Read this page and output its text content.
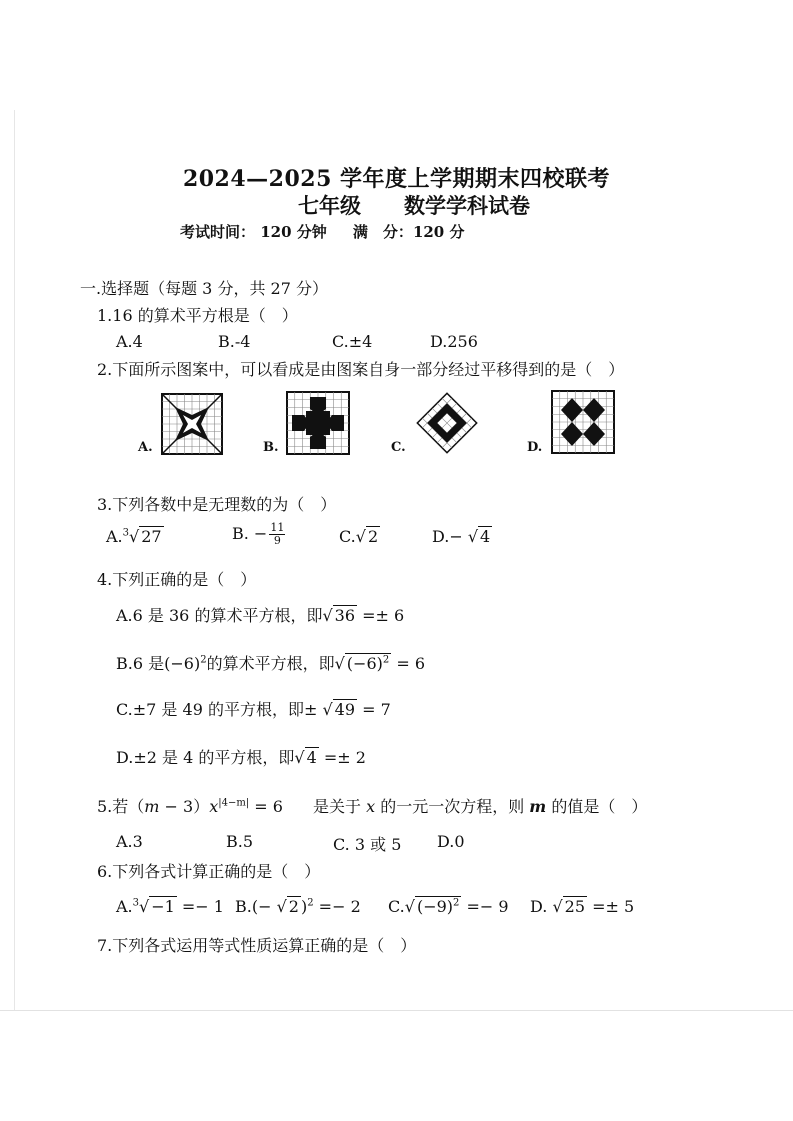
2024—2025 学年度上学期期末四校联考
七年级 数学学科试卷
考试时间： 120 分钟 满　分：120 分
一.选择题（每题 3 分，共 27 分）
1.16 的算术平方根是（　）
A.4	B.-4	C.±4	D.256
2.下面所示图案中，可以看成是由图案自身一部分经过平移得到的是（　）
A.	B.	C.	D.
3.下列各数中是无理数的为（　）
A.$^3$√ 27	B. − $\frac{11}{9}$	C.√ 2	D.− √ 4
4.下列正确的是（　）
A.6 是 36 的算术平方根，即√ 36 =± 6
B.6 是$(-6)^2$的算术平方根，即√ $(-6)^2 = 6$
C.±7 是 49 的平方根，即± √ 49 = 7
D.±2 是 4 的平方根，即√ 4 =± 2
5.若$(m - 3)x^{|4-m|} = 6$ 是关于 x 的一元一次方程，则 m 的值是（　）
A.3	B.5	C. 3 或 5 D.0
6.下列各式计算正确的是（　）
A.$^3$√ −1 =− 1 B.(− √ 2 )$^2$ =− 2 C.√ $(-9)^2 =- 9$ D. √ 25 =± 5
7.下列各式运用等式性质运算正确的是（　）
